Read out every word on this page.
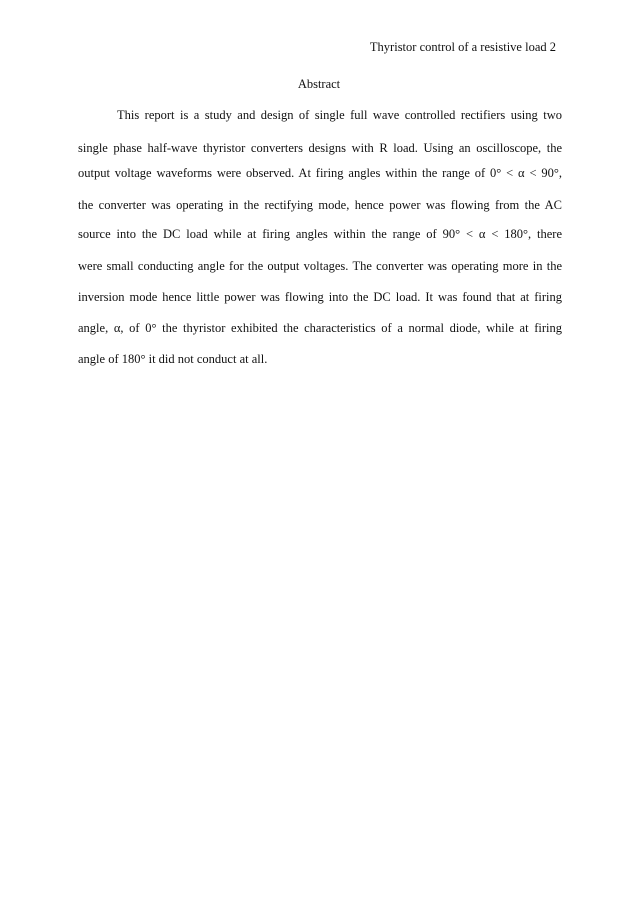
Thyristor control of a resistive load 2
Abstract
This report is a study and design of single full wave controlled rectifiers using two
single phase half-wave thyristor converters designs with R load. Using an oscilloscope, the
output voltage waveforms were observed. At firing angles within the range of 0° < α < 90°,
the converter was operating in the rectifying mode, hence power was flowing from the AC
source into the DC load while at firing angles within the range of 90° < α < 180°, there
were small conducting angle for the output voltages. The converter was operating more in the
inversion mode hence little power was flowing into the DC load. It was found that at firing
angle, α, of 0° the thyristor exhibited the characteristics of a normal diode, while at firing
angle of 180° it did not conduct at all.
